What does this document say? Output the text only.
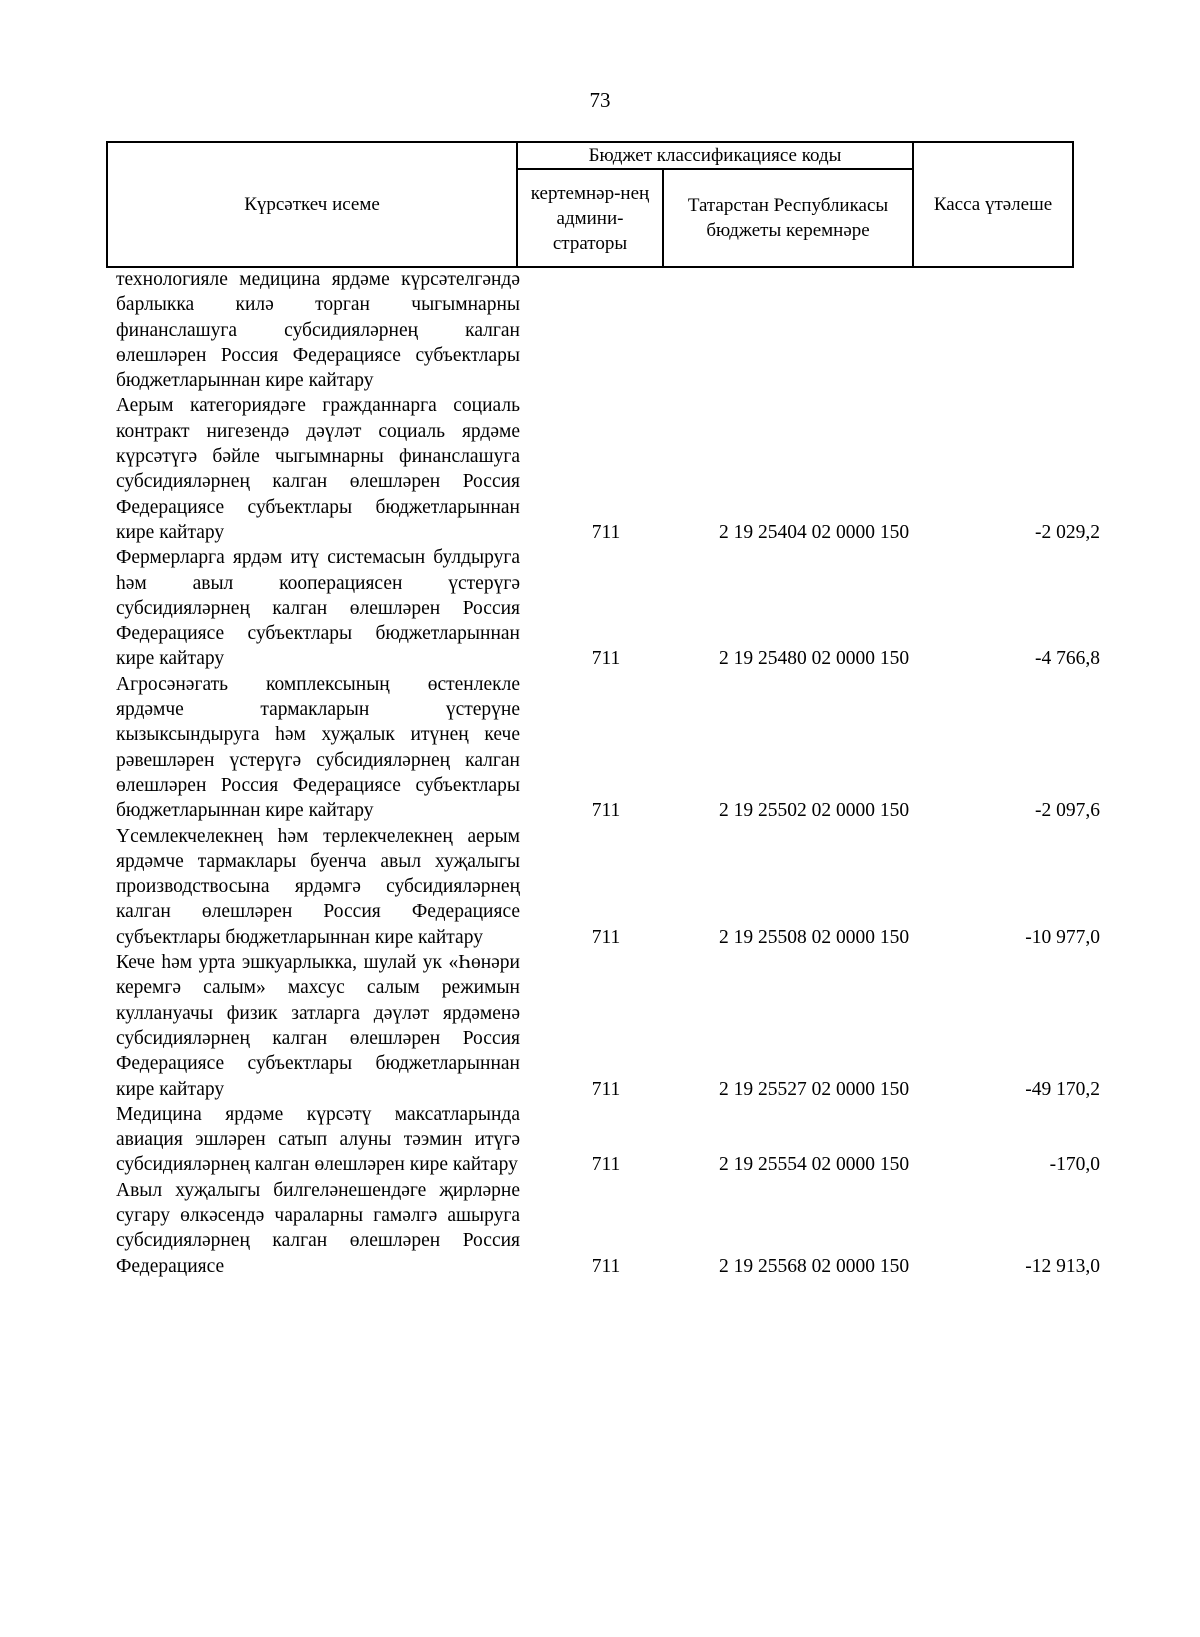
73
Күрсәткеч исеме	Бюджет классификациясе коды		Касса үтәлеше
	кертемнәр-нең админи-страторы	Татарстан Республикасы бюджеты керемнәре	
технологияле медицина ярдәме күрсәтелгәндә барлыкка килә торган чыгымнарны финанслашуга субсидияләрнең калган өлешләрен Россия Федерациясе субъектлары бюджетларыннан кире кайтару
Аерым категориядәге гражданнарга социаль контракт нигезендә дәүләт социаль ярдәме күрсәтүгә бәйле чыгымнарны финанслашуга субсидияләрнең калган өлешләрен Россия Федерациясе субъектлары бюджетларыннан кире кайтару	711	2 19 25404 02 0000 150	-2 029,2
Фермерларга ярдәм итү системасын булдыруга һәм авыл кооперациясен үстерүгә субсидияләрнең калган өлешләрен Россия Федерациясе субъектлары бюджетларыннан кире кайтару	711	2 19 25480 02 0000 150	-4 766,8
Агросәнәгать комплексының өстенлекле ярдәмче тармакларын үстерүне кызыксындыруга һәм хуҗалык итүнең кече рәвешләрен үстерүгә субсидияләрнең калган өлешләрен Россия Федерациясе субъектлары бюджетларыннан кире кайтару	711	2 19 25502 02 0000 150	-2 097,6
Үсемлекчелекнең һәм терлекчелекнең аерым ярдәмче тармаклары буенча авыл хуҗалыгы производствосына ярдәмгә субсидияләрнең калган өлешләрен Россия Федерациясе субъектлары бюджетларыннан кире кайтару	711	2 19 25508 02 0000 150	-10 977,0
Кече һәм урта эшкуарлыкка, шулай ук «Һөнәри керемгә салым» махсус салым режимын куллануачы физик затларга дәүләт ярдәменә субсидияләрнең калган өлешләрен Россия Федерациясе субъектлары бюджетларыннан кире кайтару	711	2 19 25527 02 0000 150	-49 170,2
Медицина ярдәме күрсәтү максатларында авиация эшләрен сатып алуны тәэмин итүгә субсидияләрнең калган өлешләрен кире кайтару	711	2 19 25554 02 0000 150	-170,0
Авыл хуҗалыгы билгеләнешендәге җирләрне сугару өлкәсендә чараларны гамәлгә ашыруга субсидияләрнең калган өлешләрен Россия Федерациясе	711	2 19 25568 02 0000 150	-12 913,0
